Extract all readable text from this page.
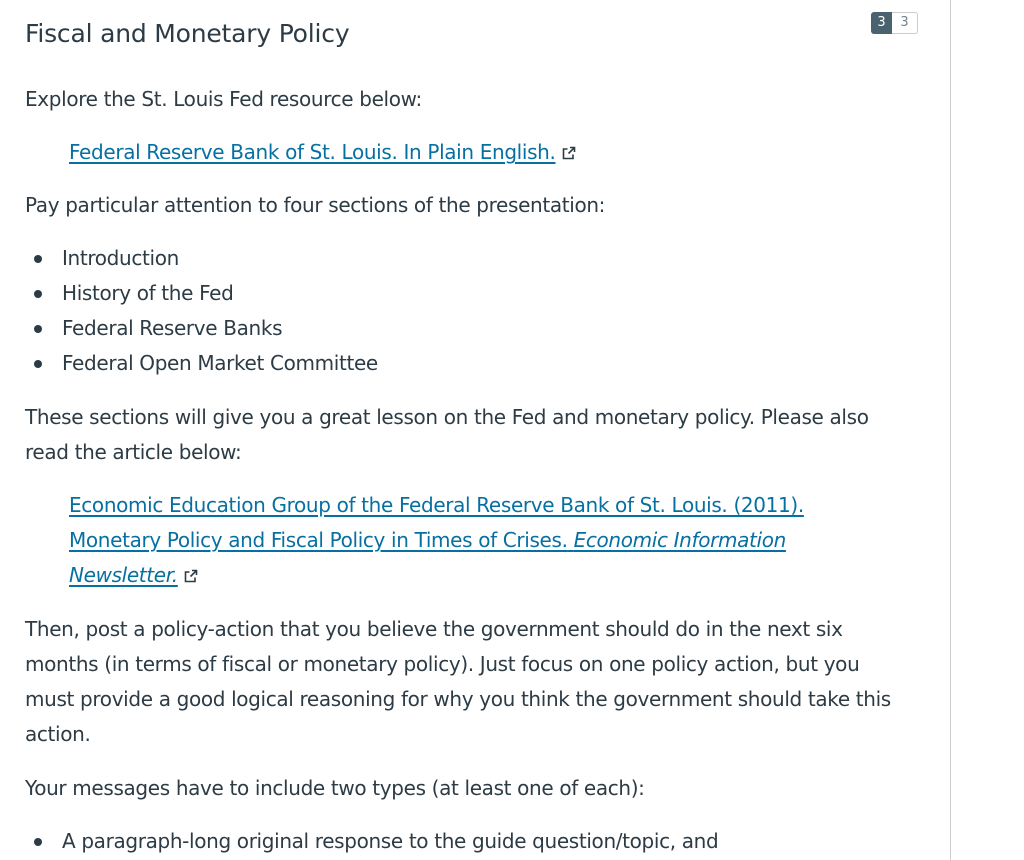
Fiscal and Monetary Policy	3	3

Explore the St. Louis Fed resource below:

Federal Reserve Bank of St. Louis. In Plain English.

Pay particular attention to four sections of the presentation:

Introduction
History of the Fed
Federal Reserve Banks
Federal Open Market Committee

These sections will give you a great lesson on the Fed and monetary policy. Please also read the article below:

Economic Education Group of the Federal Reserve Bank of St. Louis. (2011). Monetary Policy and Fiscal Policy in Times of Crises. Economic Information Newsletter.

Then, post a policy-action that you believe the government should do in the next six months (in terms of fiscal or monetary policy). Just focus on one policy action, but you must provide a good logical reasoning for why you think the government should take this action.

Your messages have to include two types (at least one of each):

A paragraph-long original response to the guide question/topic, and
